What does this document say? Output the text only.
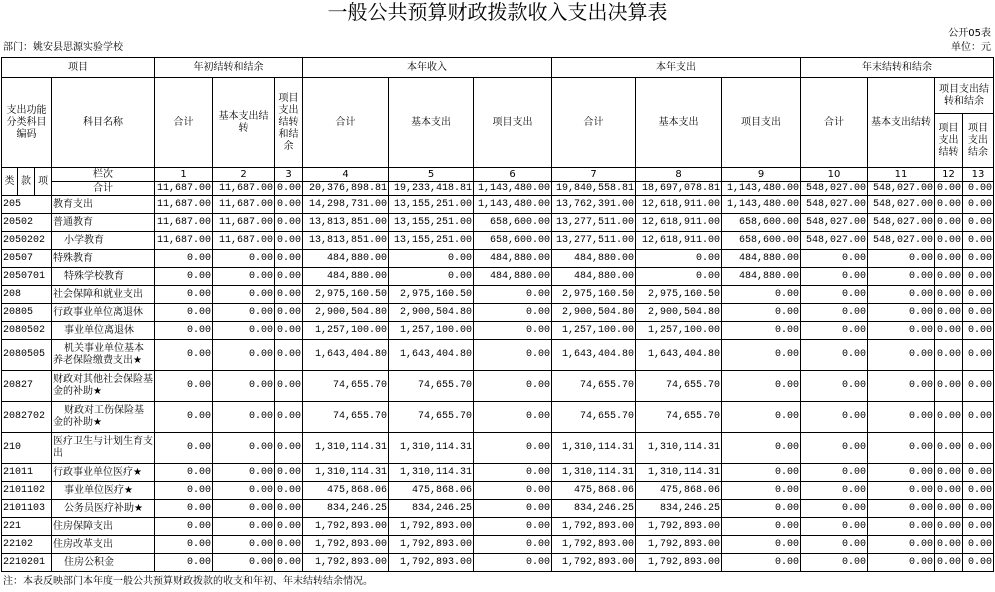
一般公共预算财政拨款收入支出决算表
公开05表
部门：姚安县思源实验学校	单位：元
项目				年初结转和结余			本年收入			本年支出			年末结转和结余			
支出功能分类科目编码			科目名称	合计	基本支出结转	项目支出结转和结余	合计	基本支出	项目支出	合计	基本支出	项目支出	合计	基本支出结转	项目支出结转和结余	
															项目支出结转	项目支出结余
类	款	项	栏次	1	2	3	4	5	6	7	8	9	10	11	12	13
			合计	11,687.00	11,687.00	0.00	20,376,898.81	19,233,418.81	1,143,480.00	19,840,558.81	18,697,078.81	1,143,480.00	548,027.00	548,027.00	0.00	0.00
205			教育支出	11,687.00	11,687.00	0.00	14,298,731.00	13,155,251.00	1,143,480.00	13,762,391.00	12,618,911.00	1,143,480.00	548,027.00	548,027.00	0.00	0.00
20502			普通教育	11,687.00	11,687.00	0.00	13,813,851.00	13,155,251.00	658,600.00	13,277,511.00	12,618,911.00	658,600.00	548,027.00	548,027.00	0.00	0.00
2050202			小学教育	11,687.00	11,687.00	0.00	13,813,851.00	13,155,251.00	658,600.00	13,277,511.00	12,618,911.00	658,600.00	548,027.00	548,027.00	0.00	0.00
20507			特殊教育	0.00	0.00	0.00	484,880.00	0.00	484,880.00	484,880.00	0.00	484,880.00	0.00	0.00	0.00	0.00
2050701			特殊学校教育	0.00	0.00	0.00	484,880.00	0.00	484,880.00	484,880.00	0.00	484,880.00	0.00	0.00	0.00	0.00
208			社会保障和就业支出	0.00	0.00	0.00	2,975,160.50	2,975,160.50	0.00	2,975,160.50	2,975,160.50	0.00	0.00	0.00	0.00	0.00
20805			行政事业单位离退休	0.00	0.00	0.00	2,900,504.80	2,900,504.80	0.00	2,900,504.80	2,900,504.80	0.00	0.00	0.00	0.00	0.00
2080502			事业单位离退休	0.00	0.00	0.00	1,257,100.00	1,257,100.00	0.00	1,257,100.00	1,257,100.00	0.00	0.00	0.00	0.00	0.00
2080505			机关事业单位基本养老保险缴费支出★	0.00	0.00	0.00	1,643,404.80	1,643,404.80	0.00	1,643,404.80	1,643,404.80	0.00	0.00	0.00	0.00	0.00
20827			财政对其他社会保险基金的补助★	0.00	0.00	0.00	74,655.70	74,655.70	0.00	74,655.70	74,655.70	0.00	0.00	0.00	0.00	0.00
2082702			财政对工伤保险基金的补助★	0.00	0.00	0.00	74,655.70	74,655.70	0.00	74,655.70	74,655.70	0.00	0.00	0.00	0.00	0.00
210			医疗卫生与计划生育支出	0.00	0.00	0.00	1,310,114.31	1,310,114.31	0.00	1,310,114.31	1,310,114.31	0.00	0.00	0.00	0.00	0.00
21011			行政事业单位医疗★	0.00	0.00	0.00	1,310,114.31	1,310,114.31	0.00	1,310,114.31	1,310,114.31	0.00	0.00	0.00	0.00	0.00
2101102			事业单位医疗★	0.00	0.00	0.00	475,868.06	475,868.06	0.00	475,868.06	475,868.06	0.00	0.00	0.00	0.00	0.00
2101103			公务员医疗补助★	0.00	0.00	0.00	834,246.25	834,246.25	0.00	834,246.25	834,246.25	0.00	0.00	0.00	0.00	0.00
221			住房保障支出	0.00	0.00	0.00	1,792,893.00	1,792,893.00	0.00	1,792,893.00	1,792,893.00	0.00	0.00	0.00	0.00	0.00
22102			住房改革支出	0.00	0.00	0.00	1,792,893.00	1,792,893.00	0.00	1,792,893.00	1,792,893.00	0.00	0.00	0.00	0.00	0.00
2210201			住房公积金	0.00	0.00	0.00	1,792,893.00	1,792,893.00	0.00	1,792,893.00	1,792,893.00	0.00	0.00	0.00	0.00	0.00
注：本表反映部门本年度一般公共预算财政拨款的收支和年初、年末结转结余情况。
